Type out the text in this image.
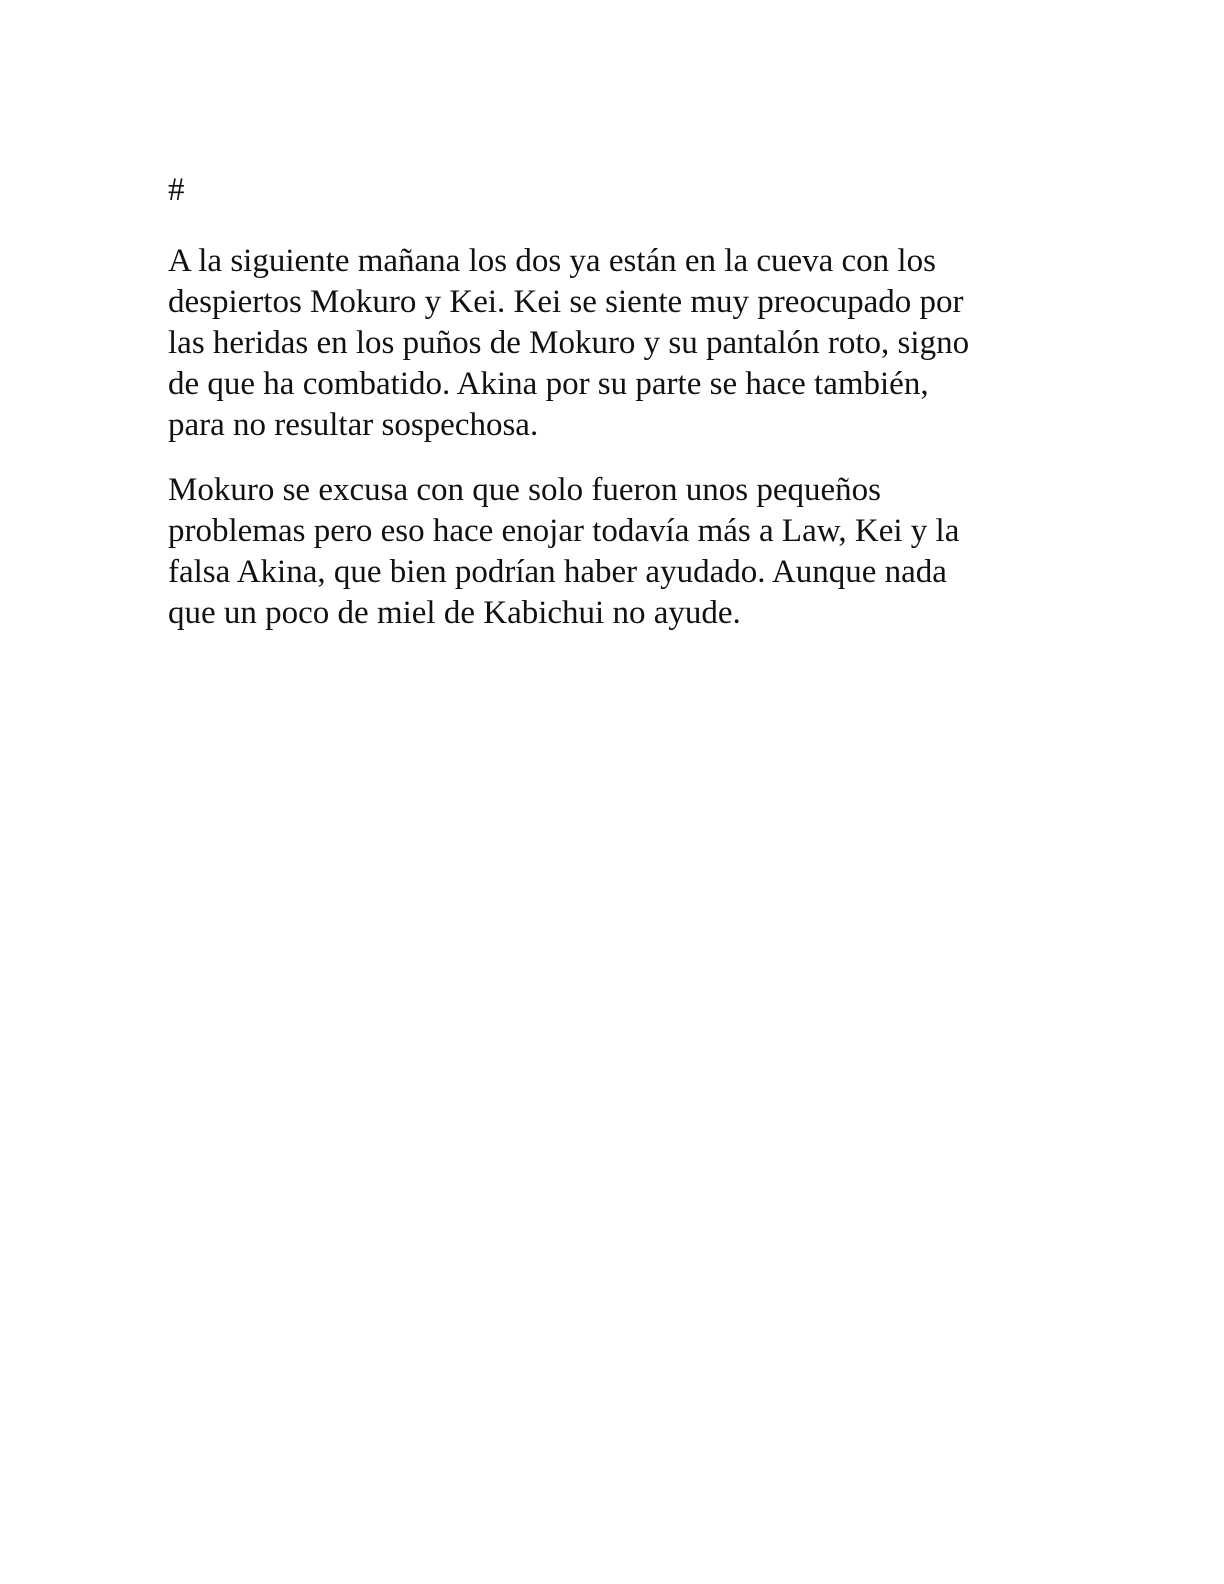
#
A la siguiente mañana los dos ya están en la cueva con los
despiertos Mokuro y Kei. Kei se siente muy preocupado por
las heridas en los puños de Mokuro y su pantalón roto, signo
de que ha combatido. Akina por su parte se hace también,
para no resultar sospechosa.
Mokuro se excusa con que solo fueron unos pequeños
problemas pero eso hace enojar todavía más a Law, Kei y la
falsa Akina, que bien podrían haber ayudado. Aunque nada
que un poco de miel de Kabichui no ayude.
